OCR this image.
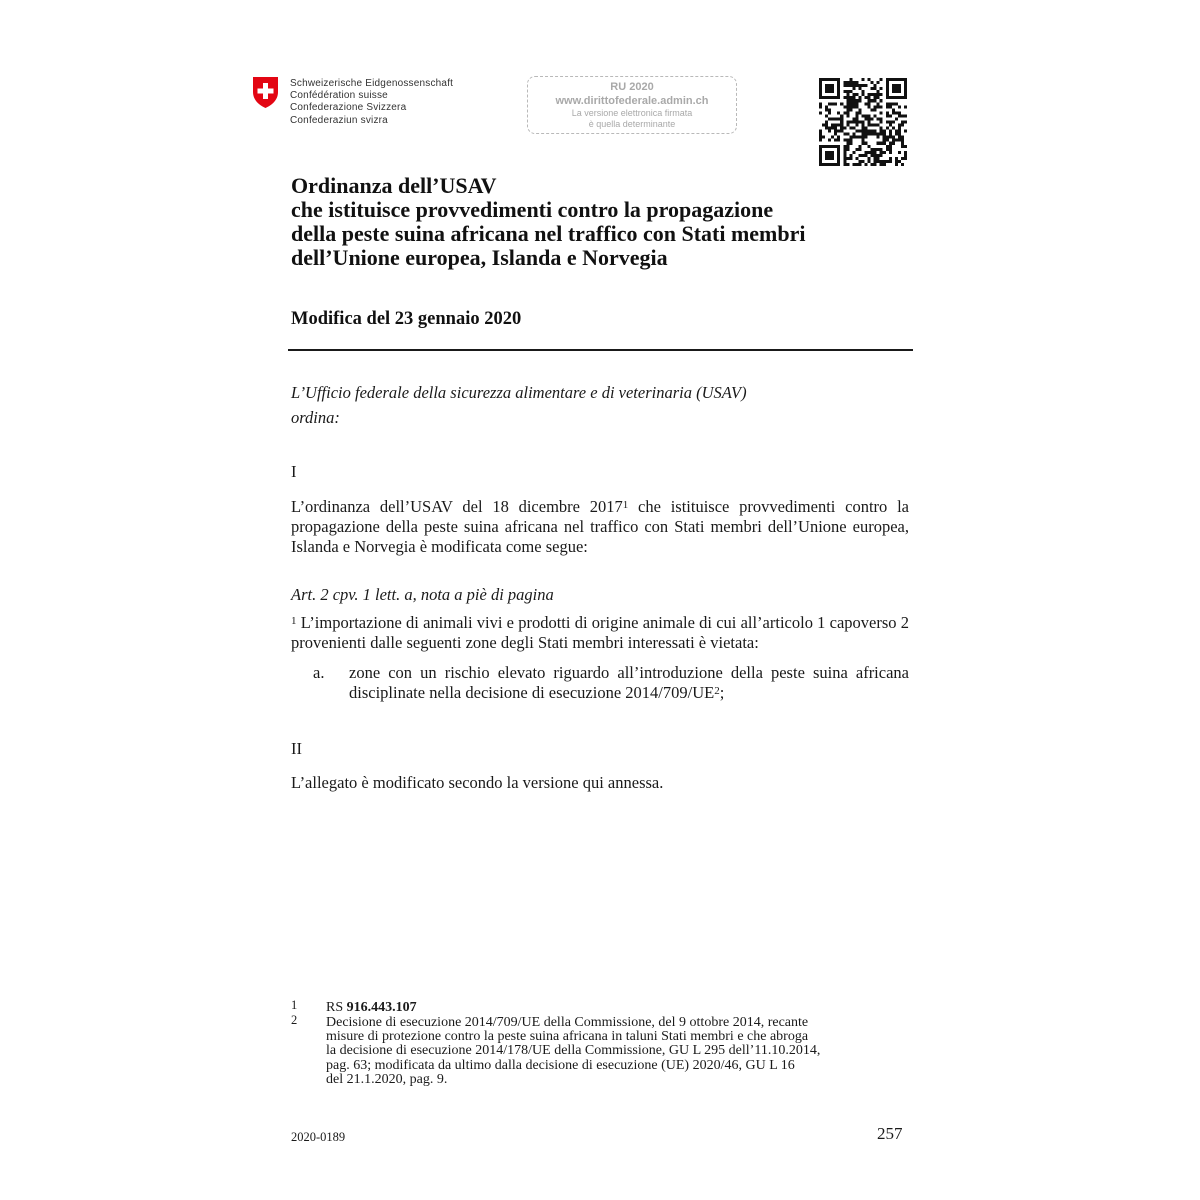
Schweizerische Eidgenossenschaft
Confédération suisse
Confederazione Svizzera
Confederaziun svizra
RU 2020
www.dirittofederale.admin.ch
La versione elettronica firmata
è quella determinante
Ordinanza dell’USAV
che istituisce provvedimenti contro la propagazione
della peste suina africana nel traffico con Stati membri
dell’Unione europea, Islanda e Norvegia
Modifica del 23 gennaio 2020
L’Ufficio federale della sicurezza alimentare e di veterinaria (USAV)
ordina:
I
L’ordinanza dell’USAV del 18 dicembre 2017$^1$ che istituisce provvedimenti contro la propagazione della peste suina africana nel traffico con Stati membri dell’Unione europea, Islanda e Norvegia è modificata come segue:
Art. 2 cpv. 1 lett. a, nota a piè di pagina
$^1$ L’importazione di animali vivi e prodotti di origine animale di cui all’articolo 1 capoverso 2 provenienti dalle seguenti zone degli Stati membri interessati è vietata:
a. zone con un rischio elevato riguardo all’introduzione della peste suina africana disciplinate nella decisione di esecuzione $2014/709/UE^2$;
II
L’allegato è modificato secondo la versione qui annessa.
1 RS 916.443.107
2 Decisione di esecuzione 2014/709/UE della Commissione, del 9 ottobre 2014, recante
misure di protezione contro la peste suina africana in taluni Stati membri e che abroga
la decisione di esecuzione 2014/178/UE della Commissione, GU L 295 dell’11.10.2014,
pag. 63; modificata da ultimo dalla decisione di esecuzione (UE) 2020/46, GU L 16
del 21.1.2020, pag. 9.
2020-0189	257
